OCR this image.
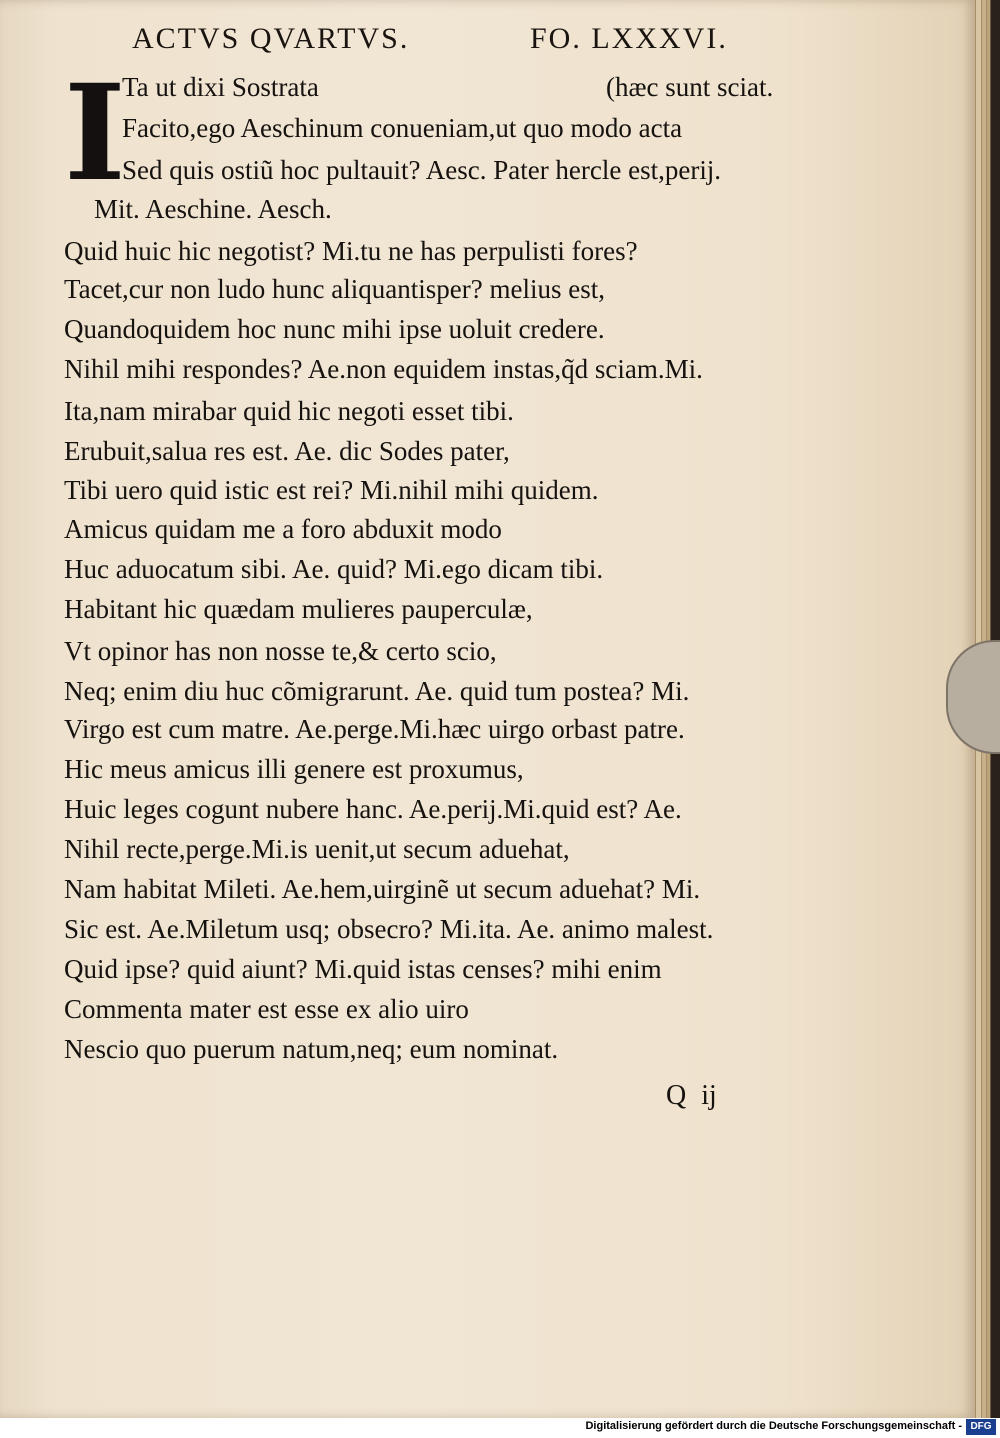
ACTVS QVARTVS.	FO. LXXXVI.
I
Ta ut dixi Sostrata	(hæc sunt sciat.
Facito,ego Aeschinum conueniam,ut quo modo acta
Sed quis ostiũ hoc pultauit? Aesc. Pater hercle est,perĳ.
Mit. Aeschine. Aesch.
Quid huic hic negotist? Mi.tu ne has perpulisti fores?
Tacet,cur non ludo hunc aliquantisper? melius est,
Quandoquidem hoc nunc mihi ipse uoluit credere.
Nihil mihi respondes? Ae.non equidem instas,q̃d sciam.Mi.
Ita,nam mirabar quid hic negoti esset tibi.
Erubuit,salua res est. Ae. dic Sodes pater,
Tibi uero quid istic est rei? Mi.nihil mihi quidem.
Amicus quidam me a foro abduxit modo
Huc aduocatum sibi. Ae. quid? Mi.ego dicam tibi.
Habitant hic quædam mulieres pauperculæ,
Vt opinor has non nosse te,& certo scio,
Neq; enim diu huc cõmigrarunt. Ae. quid tum postea? Mi.
Virgo est cum matre. Ae.perge.Mi.hæc uirgo orbast patre.
Hic meus amicus illi genere est proxumus,
Huic leges cogunt nubere hanc. Ae.perĳ.Mi.quid est? Ae.
Nihil recte,perge.Mi.is uenit,ut secum aduehat,
Nam habitat Mileti. Ae.hem,uirginẽ ut secum aduehat? Mi.
Sic est. Ae.Miletum usq; obsecro? Mi.ita. Ae. animo malest.
Quid ipse? quid aiunt? Mi.quid istas censes? mihi enim
Commenta mater est esse ex alio uiro
Nescio quo puerum natum,neq; eum nominat.
Q ĳ
Digitalisierung gefördert durch die Deutsche Forschungsgemeinschaft - DFG
